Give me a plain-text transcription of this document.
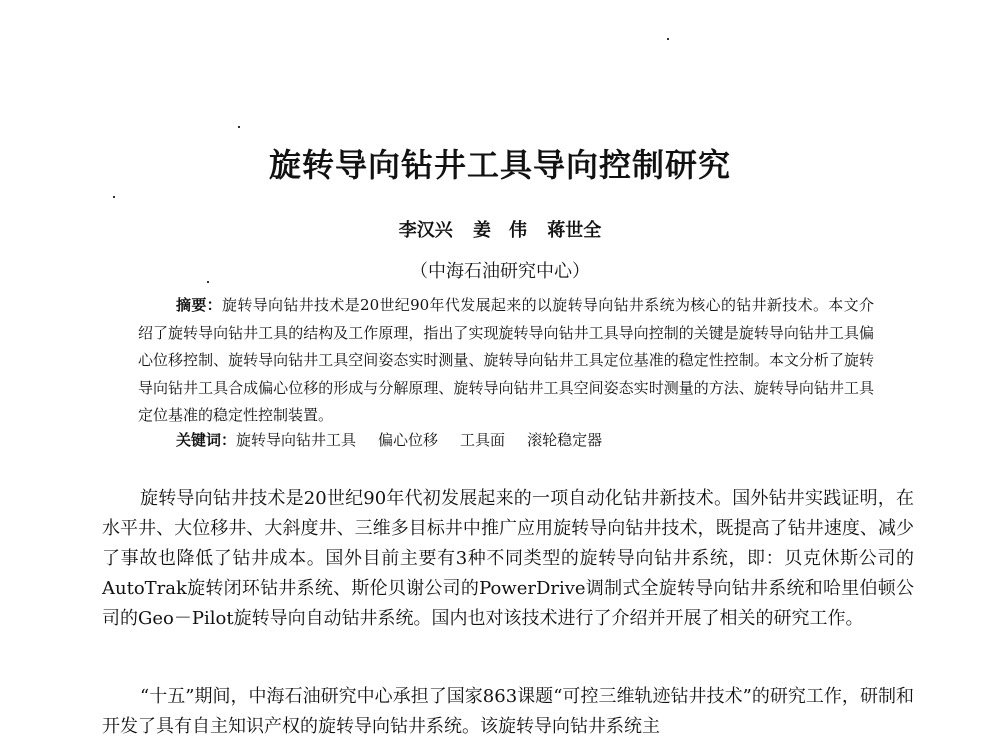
旋转导向钻井工具导向控制研究

李汉兴 姜　伟 蒋世全

（中海石油研究中心）

摘要：旋转导向钻井技术是20世纪90年代发展起来的以旋转导向钻井系统为核心的钻井新技术。本文介绍了旋转导向钻井工具的结构及工作原理，指出了实现旋转导向钻井工具导向控制的关键是旋转导向钻井工具偏心位移控制、旋转导向钻井工具空间姿态实时测量、旋转导向钻井工具定位基准的稳定性控制。本文分析了旋转导向钻井工具合成偏心位移的形成与分解原理、旋转导向钻井工具空间姿态实时测量的方法、旋转导向钻井工具定位基准的稳定性控制装置。

关键词：旋转导向钻井工具 偏心位移 工具面 滚轮稳定器

旋转导向钻井技术是20世纪90年代初发展起来的一项自动化钻井新技术。国外钻井实践证明，在水平井、大位移井、大斜度井、三维多目标井中推广应用旋转导向钻井技术，既提高了钻井速度、减少了事故也降低了钻井成本。国外目前主要有3种不同类型的旋转导向钻井系统，即：贝克休斯公司的AutoTrak旋转闭环钻井系统、斯伦贝谢公司的PowerDrive调制式全旋转导向钻井系统和哈里伯顿公司的Geo－Pilot旋转导向自动钻井系统。国内也对该技术进行了介绍并开展了相关的研究工作。

“十五”期间，中海石油研究中心承担了国家863课题“可控三维轨迹钻井技术”的研究工作，研制和开发了具有自主知识产权的旋转导向钻井系统。该旋转导向钻井系统主
